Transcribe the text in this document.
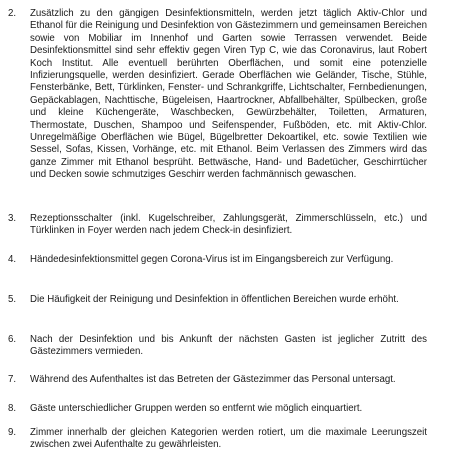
2.	Zusätzlich zu den gängigen Desinfektionsmitteln, werden jetzt täglich Aktiv-Chlor und Ethanol für die Reinigung und Desinfektion von Gästezimmern und gemeinsamen Bereichen sowie von Mobiliar im Innenhof und Garten sowie Terrassen verwendet. Beide Desinfektionsmittel sind sehr effektiv gegen Viren Typ C, wie das Coronavirus, laut Robert Koch Institut. Alle eventuell berührten Oberflächen, und somit eine potenzielle Infizierungsquelle, werden desinfiziert. Gerade Oberflächen wie Geländer, Tische, Stühle, Fensterbänke, Bett, Türklinken, Fenster- und Schrankgriffe, Lichtschalter, Fernbedienungen, Gepäckablagen, Nachttische, Bügeleisen, Haartrockner, Abfallbehälter, Spülbecken, große und kleine Küchengeräte, Waschbecken, Gewürzbehälter, Toiletten, Armaturen, Thermostate, Duschen, Shampoo und Seifenspender, Fußböden, etc. mit Aktiv-Chlor. Unregelmäßige Oberflächen wie Bügel, Bügelbretter Dekoartikel, etc. sowie Textilien wie Sessel, Sofas, Kissen, Vorhänge, etc. mit Ethanol. Beim Verlassen des Zimmers wird das ganze Zimmer mit Ethanol besprüht. Bettwäsche, Hand- und Badetücher, Geschirrtücher und Decken sowie schmutziges Geschirr werden fachmännisch gewaschen.
3.	Rezeptionsschalter (inkl. Kugelschreiber, Zahlungsgerät, Zimmerschlüsseln, etc.) und Türklinken in Foyer werden nach jedem Check-in desinfiziert.
4.	Händedesinfektionsmittel gegen Corona-Virus ist im Eingangsbereich zur Verfügung.
5.	Die Häufigkeit der Reinigung und Desinfektion in öffentlichen Bereichen wurde erhöht.
6.	Nach der Desinfektion und bis Ankunft der nächsten Gasten ist jeglicher Zutritt des Gästezimmers vermieden.
7.	Während des Aufenthaltes ist das Betreten der Gästezimmer das Personal untersagt.
8.	Gäste unterschiedlicher Gruppen werden so entfernt wie möglich einquartiert.
9.	Zimmer innerhalb der gleichen Kategorien werden rotiert, um die maximale Leerungszeit zwischen zwei Aufenthalte zu gewährleisten.
